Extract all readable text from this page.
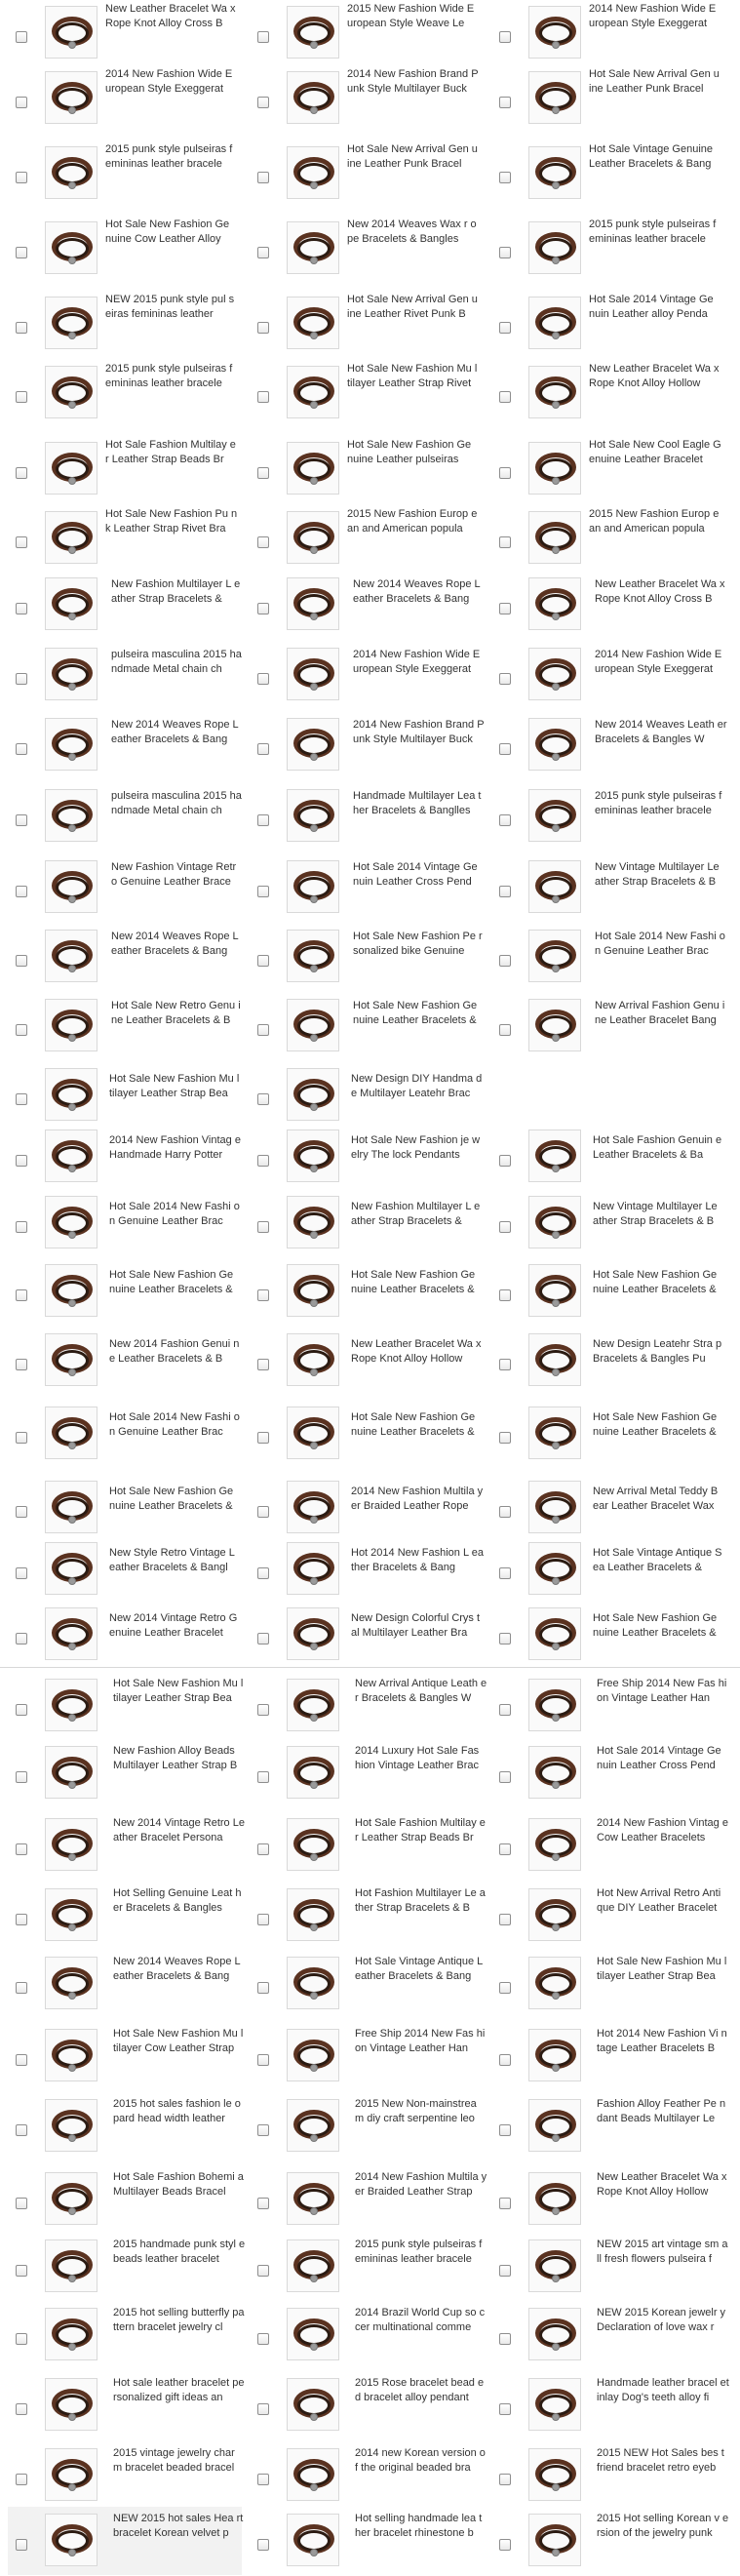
New Leather Bracelet Wa x Rope Knot Alloy Cross B
2015 New Fashion Wide European Style Weave Le
2014 New Fashion Wide European Style Exeggerat
2014 New Fashion Wide European Style Exeggerat
2014 New Fashion Brand Punk Style Multilayer Buck
Hot Sale New Arrival Gen uine Leather Punk Bracel
2015 punk style pulseiras femininas leather bracele
Hot Sale New Arrival Gen uine Leather Punk Bracel
Hot Sale Vintage Genuine Leather Bracelets & Bang
Hot Sale New Fashion Ge nuine Cow Leather Alloy
New 2014 Weaves Wax r ope Bracelets & Bangles
2015 punk style pulseiras femininas leather bracele
NEW 2015 punk style pul seiras femininas leather
Hot Sale New Arrival Gen uine Leather Rivet Punk B
Hot Sale 2014 Vintage Ge nuin Leather alloy Penda
2015 punk style pulseiras femininas leather bracele
Hot Sale New Fashion Mu ltilayer Leather Strap Rivet
New Leather Bracelet Wa x Rope Knot Alloy Hollow
Hot Sale Fashion Multilay er Leather Strap Beads Br
Hot Sale New Fashion Ge nuine Leather pulseiras
Hot Sale New Cool Eagle Genuine Leather Bracelet
Hot Sale New Fashion Pu nk Leather Strap Rivet Bra
2015 New Fashion Europ ean and American popula
2015 New Fashion Europ ean and American popula
New Fashion Multilayer L eather Strap Bracelets &
New 2014 Weaves Rope Leather Bracelets & Bang
New Leather Bracelet Wa x Rope Knot Alloy Cross B
pulseira masculina 2015 handmade Metal chain ch
2014 New Fashion Wide European Style Exeggerat
2014 New Fashion Wide European Style Exeggerat
New 2014 Weaves Rope Leather Bracelets & Bang
2014 New Fashion Brand Punk Style Multilayer Buck
New 2014 Weaves Leath er Bracelets & Bangles W
pulseira masculina 2015 handmade Metal chain ch
Handmade Multilayer Lea ther Bracelets & Banglles
2015 punk style pulseiras femininas leather bracele
New Fashion Vintage Retr o Genuine Leather Brace
Hot Sale 2014 Vintage Ge nuin Leather Cross Pend
New Vintage Multilayer Le ather Strap Bracelets & B
New 2014 Weaves Rope Leather Bracelets & Bang
Hot Sale New Fashion Pe rsonalized bike Genuine
Hot Sale 2014 New Fashi on Genuine Leather Brac
Hot Sale New Retro Genu ine Leather Bracelets & B
Hot Sale New Fashion Ge nuine Leather Bracelets &
New Arrival Fashion Genu ine Leather Bracelet Bang
Hot Sale New Fashion Mu ltilayer Leather Strap Bea
New Design DIY Handma de Multilayer Leatehr Brac
2014 New Fashion Vintag e Handmade Harry Potter
Hot Sale New Fashion je welry The lock Pendants
Hot Sale Fashion Genuin e Leather Bracelets & Ba
Hot Sale 2014 New Fashi on Genuine Leather Brac
New Fashion Multilayer L eather Strap Bracelets &
New Vintage Multilayer Le ather Strap Bracelets & B
Hot Sale New Fashion Ge nuine Leather Bracelets &
Hot Sale New Fashion Ge nuine Leather Bracelets &
Hot Sale New Fashion Ge nuine Leather Bracelets &
New 2014 Fashion Genui ne Leather Bracelets & B
New Leather Bracelet Wa x Rope Knot Alloy Hollow
New Design Leatehr Stra p Bracelets & Bangles Pu
Hot Sale 2014 New Fashi on Genuine Leather Brac
Hot Sale New Fashion Ge nuine Leather Bracelets &
Hot Sale New Fashion Ge nuine Leather Bracelets &
Hot Sale New Fashion Ge nuine Leather Bracelets &
2014 New Fashion Multila yer Braided Leather Rope
New Arrival Metal Teddy B ear Leather Bracelet Wax
New Style Retro Vintage L eather Bracelets & Bangl
Hot 2014 New Fashion L eather Bracelets & Bang
Hot Sale Vintage Antique Sea Leather Bracelets &
New 2014 Vintage Retro Genuine Leather Bracelet
New Design Colorful Crys tal Multilayer Leather Bra
Hot Sale New Fashion Ge nuine Leather Bracelets &
Hot Sale New Fashion Mu ltilayer Leather Strap Bea
New Arrival Antique Leath er Bracelets & Bangles W
Free Ship 2014 New Fas hion Vintage Leather Han
New Fashion Alloy Beads Multilayer Leather Strap B
2014 Luxury Hot Sale Fas hion Vintage Leather Brac
Hot Sale 2014 Vintage Ge nuin Leather Cross Pend
New 2014 Vintage Retro Leather Bracelet Persona
Hot Sale Fashion Multilay er Leather Strap Beads Br
2014 New Fashion Vintag e Cow Leather Bracelets
Hot Selling Genuine Leat her Bracelets & Bangles
Hot Fashion Multilayer Le ather Strap Bracelets & B
Hot New Arrival Retro Anti que DIY Leather Bracelet
New 2014 Weaves Rope Leather Bracelets & Bang
Hot Sale Vintage Antique Leather Bracelets & Bang
Hot Sale New Fashion Mu ltilayer Leather Strap Bea
Hot Sale New Fashion Mu ltilayer Cow Leather Strap
Free Ship 2014 New Fas hion Vintage Leather Han
Hot 2014 New Fashion Vi ntage Leather Bracelets B
2015 hot sales fashion le opard head width leather
2015 New Non-mainstrea m diy craft serpentine leo
Fashion Alloy Feather Pe ndant Beads Multilayer Le
Hot Sale Fashion Bohemi a Multilayer Beads Bracel
2014 New Fashion Multila yer Braided Leather Strap
New Leather Bracelet Wa x Rope Knot Alloy Hollow
2015 handmade punk styl e beads leather bracelet
2015 punk style pulseiras femininas leather bracele
NEW 2015 art vintage sm all fresh flowers pulseira f
2015 hot selling butterfly pattern bracelet jewelry cl
2014 Brazil World Cup so ccer multinational comme
NEW 2015 Korean jewelr y Declaration of love wax r
Hot sale leather bracelet personalized gift ideas an
2015 Rose bracelet bead ed bracelet alloy pendant
Handmade leather bracel et inlay Dog's teeth alloy fi
2015 vintage jewelry char m bracelet beaded bracel
2014 new Korean version of the original beaded bra
2015 NEW Hot Sales bes t friend bracelet retro eyeb
NEW 2015 hot sales Hea rt bracelet Korean velvet p
Hot selling handmade lea ther bracelet rhinestone b
2015 Hot selling Korean v ersion of the jewelry punk
